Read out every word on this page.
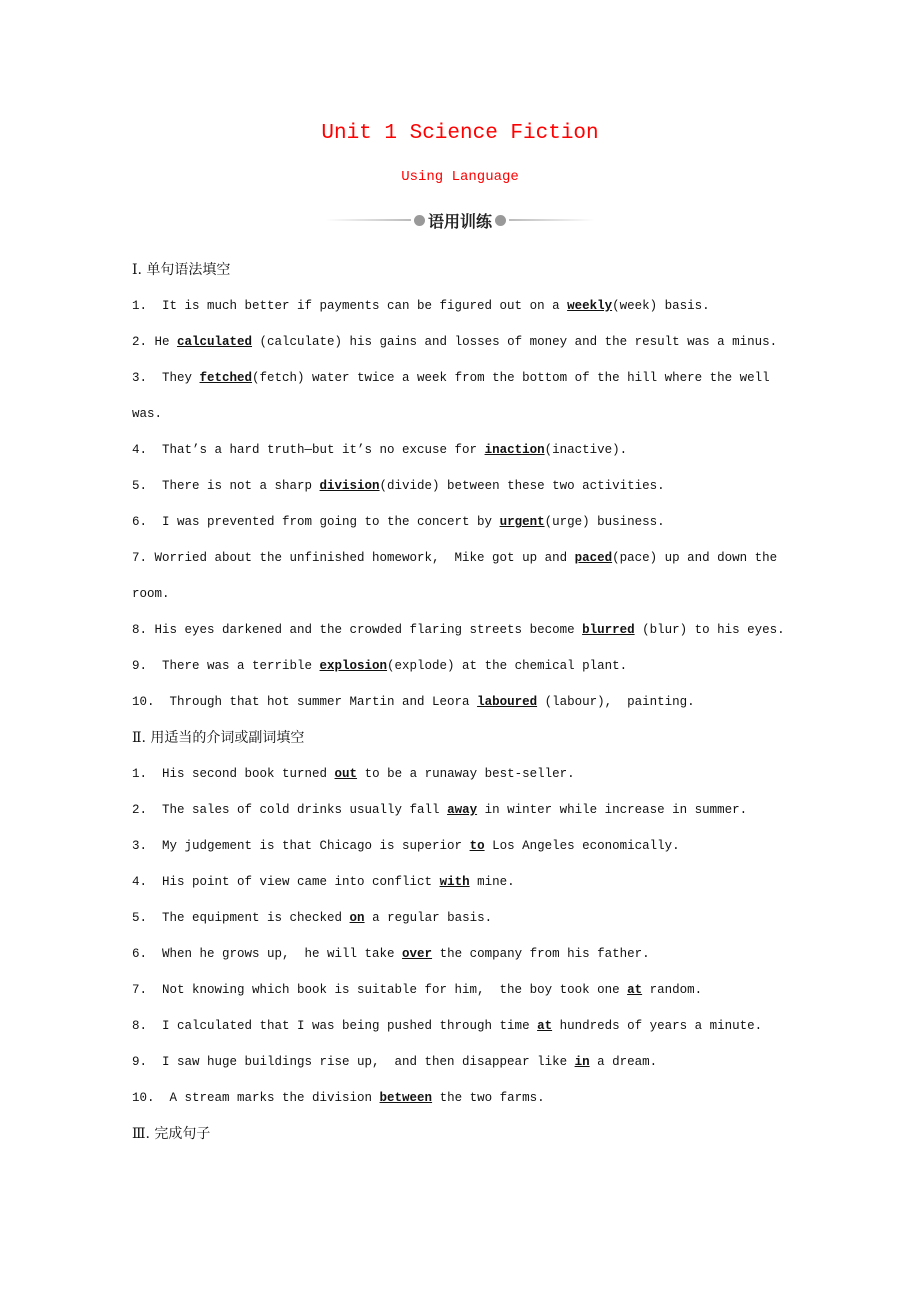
Unit 1 Science Fiction
Using Language
语用训练
Ⅰ. 单句语法填空
1.  It is much better if payments can be figured out on a weekly(week) basis.
2. He calculated (calculate) his gains and losses of money and the result was a minus.
3.  They fetched(fetch) water twice a week from the bottom of the hill where the well was.
4.  That’s a hard truth—but it’s no excuse for inaction(inactive).
5.  There is not a sharp division(divide) between these two activities.
6.  I was prevented from going to the concert by urgent(urge) business.
7. Worried about the unfinished homework,  Mike got up and paced(pace) up and down the room.
8. His eyes darkened and the crowded flaring streets become blurred (blur) to his eyes.
9.  There was a terrible explosion(explode) at the chemical plant.
10.  Through that hot summer Martin and Leora laboured (labour),  painting.
Ⅱ. 用适当的介词或副词填空
1.  His second book turned out to be a runaway best-seller.
2.  The sales of cold drinks usually fall away in winter while increase in summer.
3.  My judgement is that Chicago is superior to Los Angeles economically.
4.  His point of view came into conflict with mine.
5.  The equipment is checked on a regular basis.
6.  When he grows up,  he will take over the company from his father.
7.  Not knowing which book is suitable for him,  the boy took one at random.
8.  I calculated that I was being pushed through time at hundreds of years a minute.
9.  I saw huge buildings rise up,  and then disappear like in a dream.
10.  A stream marks the division between the two farms.
Ⅲ. 完成句子
